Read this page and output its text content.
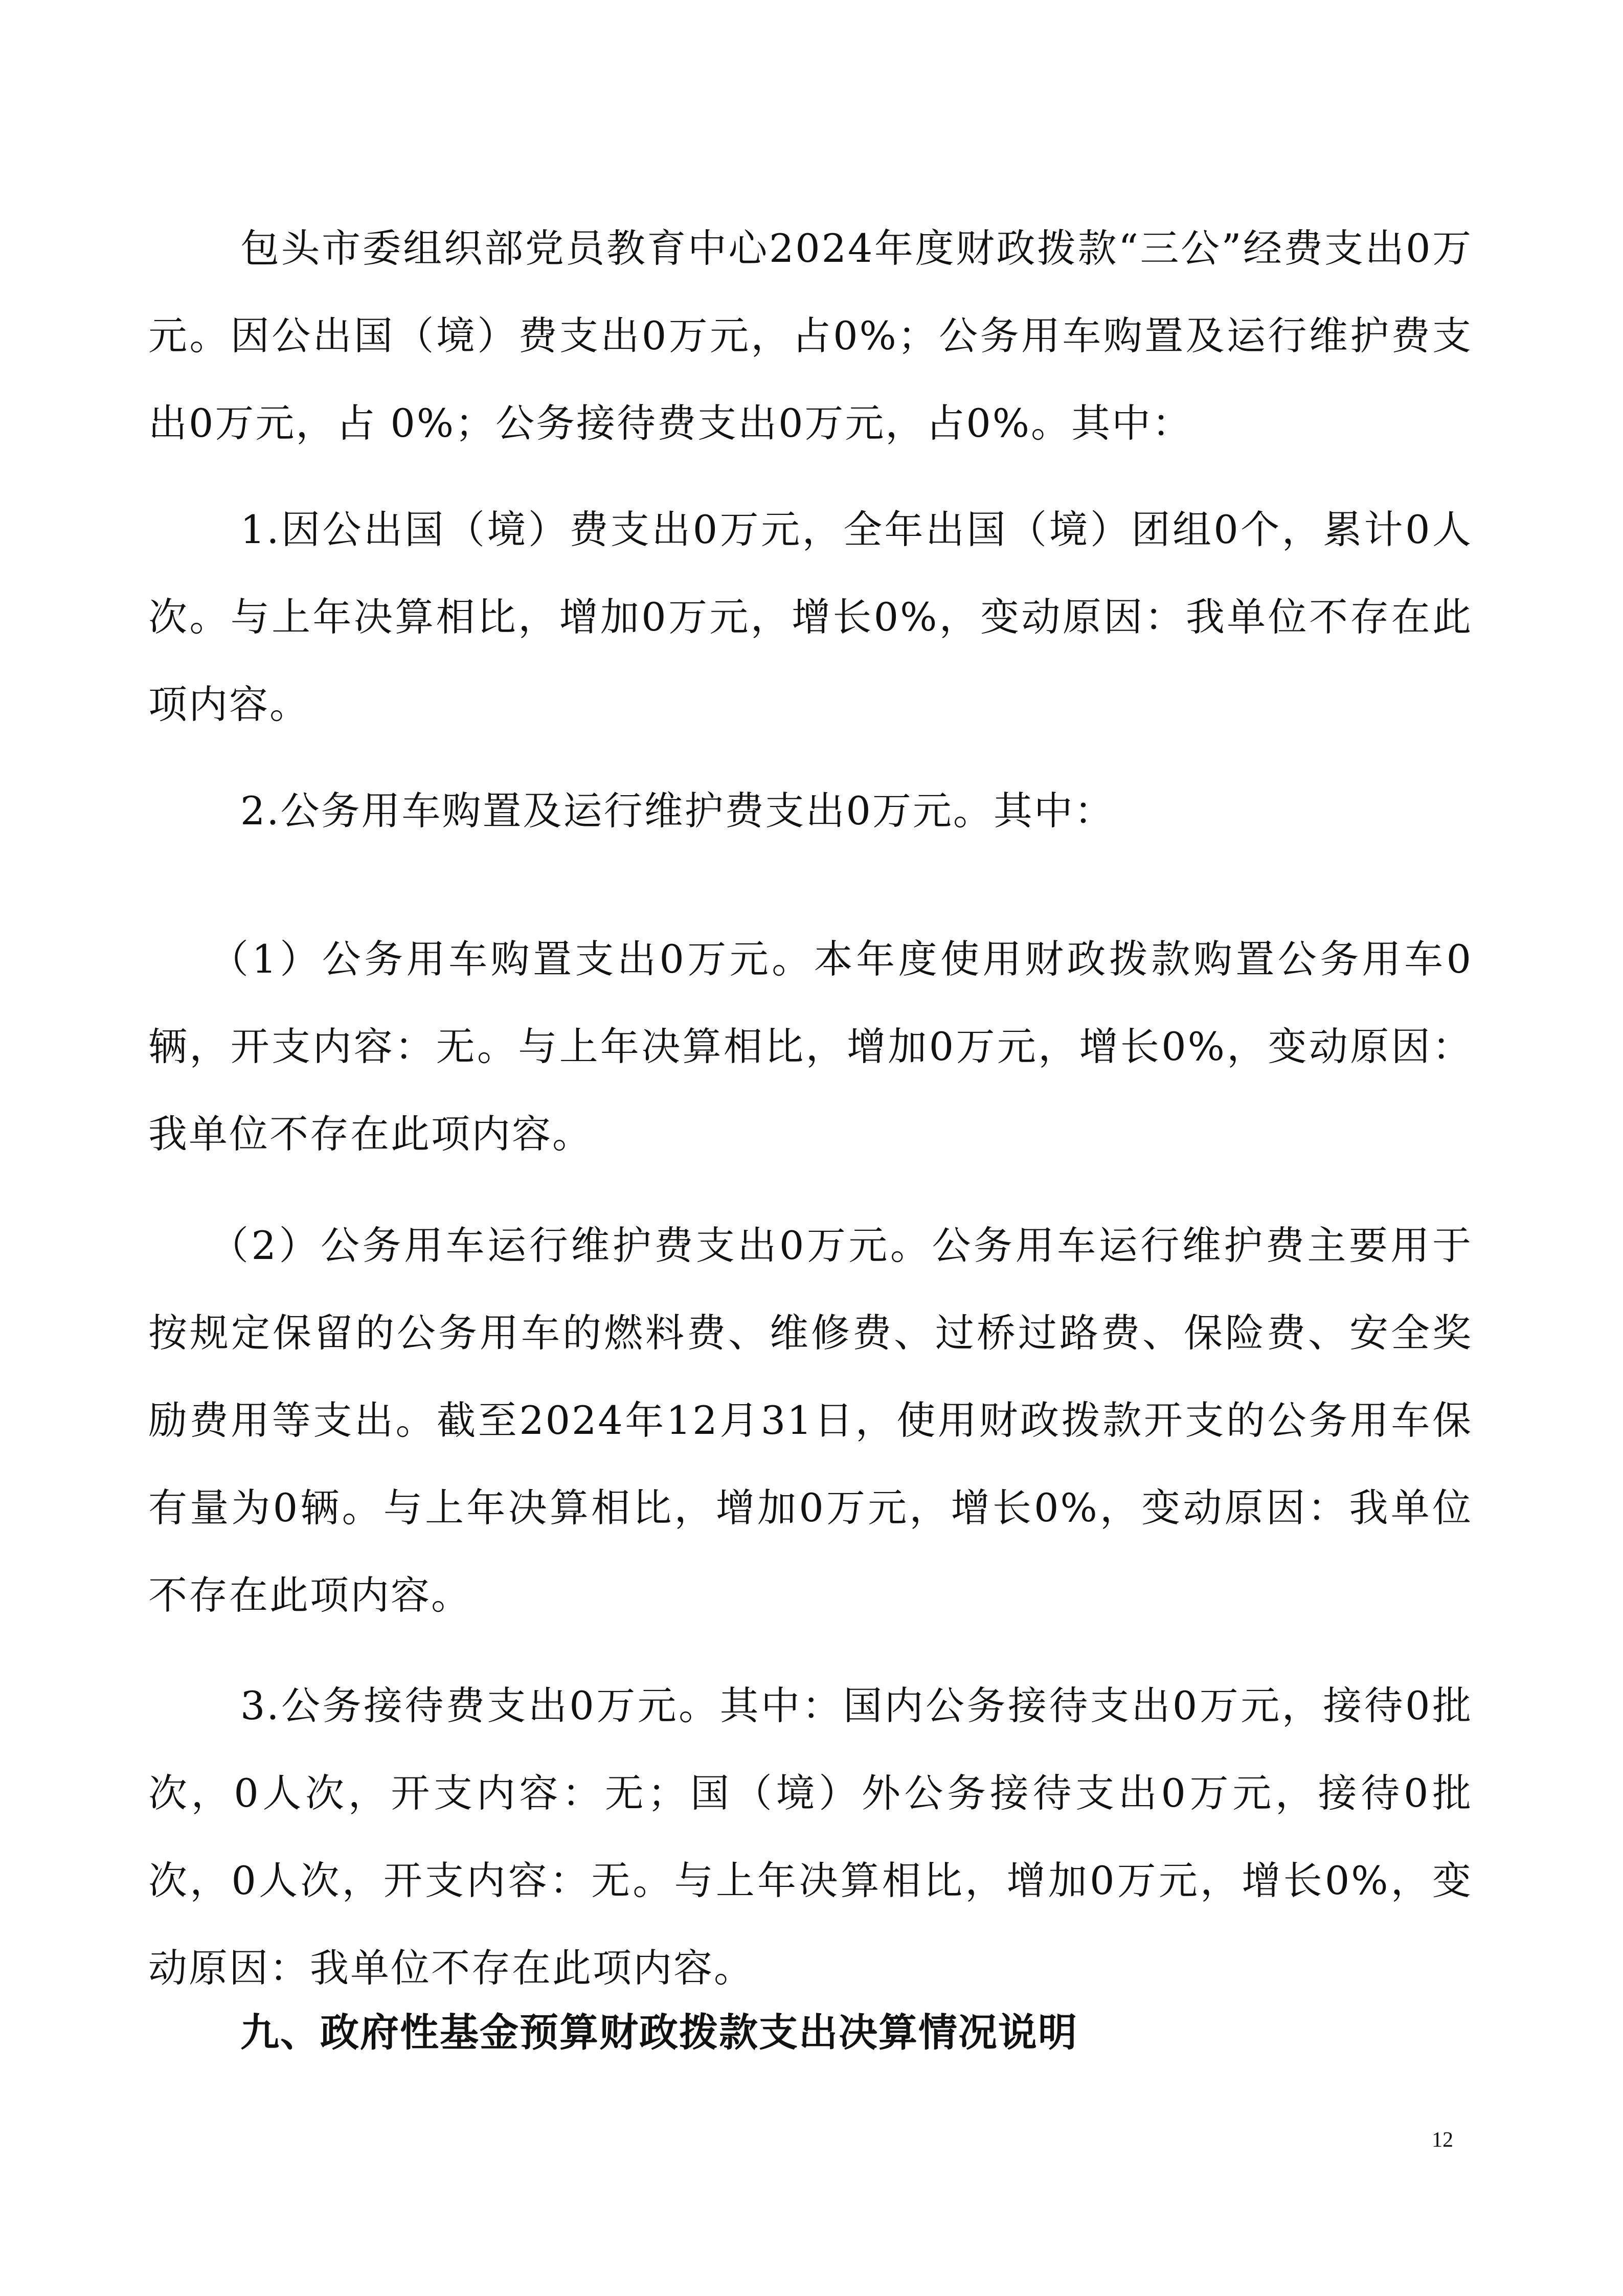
包头市委组织部党员教育中心2024年度财政拨款“三公”经费支出0万元。因公出国（境）费支出0万元，占0%；公务用车购置及运行维护费支出0万元，占 0%；公务接待费支出0万元，占0%。其中：

1.因公出国（境）费支出0万元，全年出国（境）团组0个，累计0人次。与上年决算相比，增加0万元，增长0%，变动原因：我单位不存在此项内容。

2.公务用车购置及运行维护费支出0万元。其中：

（1）公务用车购置支出0万元。本年度使用财政拨款购置公务用车0辆，开支内容：无。与上年决算相比，增加0万元，增长0%，变动原因：我单位不存在此项内容。

（2）公务用车运行维护费支出0万元。公务用车运行维护费主要用于按规定保留的公务用车的燃料费、维修费、过桥过路费、保险费、安全奖励费用等支出。截至2024年12月31日，使用财政拨款开支的公务用车保有量为0辆。与上年决算相比，增加0万元，增长0%，变动原因：我单位不存在此项内容。

3.公务接待费支出0万元。其中：国内公务接待支出0万元，接待0批次，0人次，开支内容：无；国（境）外公务接待支出0万元，接待0批次，0人次，开支内容：无。与上年决算相比，增加0万元，增长0%，变动原因：我单位不存在此项内容。

九、政府性基金预算财政拨款支出决算情况说明
12
